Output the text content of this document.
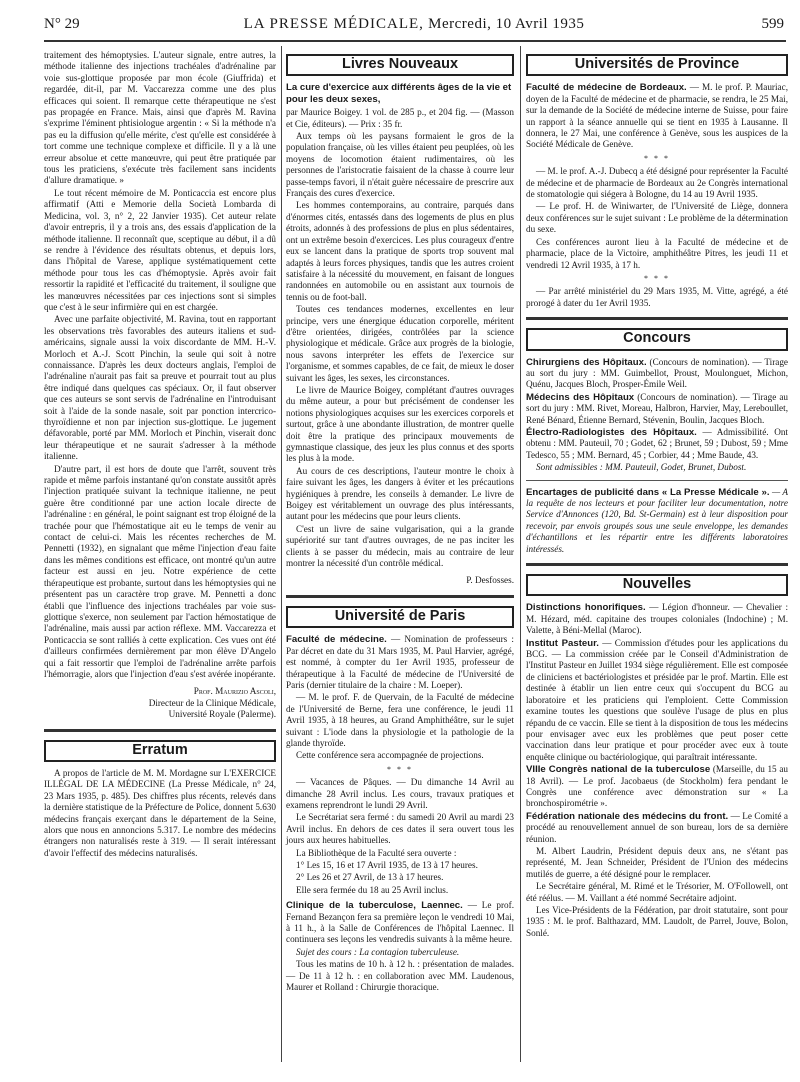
N° 29	LA PRESSE MÉDICALE, Mercredi, 10 Avril 1935	599

traitement des hémoptysies. L'auteur signale, entre autres, la méthode italienne des injections trachéales d'adrénaline par voie sus-glottique proposée par mon école (Giuffrida) et regardée, dit-il, par M. Vaccarezza comme une des plus efficaces qui soient. Il remarque cette thérapeutique ne s'est pas propagée en France. Mais, ainsi que d'après M. Ravina s'exprime l'éminent phtisiologue argentin : « Si la méthode n'a pas eu la diffusion qu'elle mérite, c'est qu'elle est considérée à tort comme une technique complexe et difficile. Il y a là une erreur absolue et cette manœuvre, qui peut être pratiquée par tous les praticiens, s'exécute très facilement sans incidents d'allure dramatique. »

Le tout récent mémoire de M. Ponticaccia est encore plus affirmatif (Atti e Memorie della Società Lombarda di Medicina, vol. 3, n° 2, 22 Janvier 1935). Cet auteur relate d'avoir entrepris, il y a trois ans, des essais d'application de la méthode italienne. Il reconnaît que, sceptique au début, il a dû se rendre à l'évidence des résultats obtenus, et depuis lors, dans l'hôpital de Varese, applique systématiquement cette méthode pour tous les cas d'hémoptysie. Après avoir fait ressortir la rapidité et l'efficacité du traitement, il souligne que les manœuvres nécessitées par ces injections sont si simples que c'est à le seur infirmière qui en est chargée.

Avec une parfaite objectivité, M. Ravina, tout en rapportant les observations très favorables des auteurs italiens et sud-américains, signale aussi la voix discordante de MM. H.-V. Morloch et A.-J. Scott Pinchin, la seule qui soit à notre connaissance. D'après les deux docteurs anglais, l'emploi de l'adrénaline n'aurait pas fait sa preuve et pourrait tout au plus être indiqué dans quelques cas spéciaux. Or, il faut observer que ces auteurs se sont servis de l'adrénaline en l'introduisant soit à l'aide de la sonde nasale, soit par ponction intercrico-thyroïdienne et non par injection sus-glottique. Le jugement défavorable, porté par MM. Morloch et Pinchin, viserait donc leur thérapeutique et ne saurait s'adresser à la méthode italienne.

D'autre part, il est hors de doute que l'arrêt, souvent très rapide et même parfois instantané qu'on constate aussitôt après l'injection pratiquée suivant la technique italienne, ne peut guère être conditionné par une action locale directe de l'adrénaline : en général, le point saignant est trop éloigné de la trachée pour que l'hémostatique ait eu le temps de venir au contact de celui-ci. Mais les récentes recherches de M. Pennetti (1932), en signalant que même l'injection d'eau faite dans les mêmes conditions est efficace, ont montré qu'un autre facteur est aussi en jeu. Notre expérience de cette thérapeutique est probante, surtout dans les hémoptysies qui ne présentent pas un caractère trop grave. M. Pennetti a donc établi que l'influence des injections trachéales par voie sus-glottique s'exerce, non seulement par l'action hémostatique de l'adrénaline, mais aussi par action réflexe. MM. Vaccarezza et Ponticaccia se sont ralliés à cette explication. Ces vues ont été d'ailleurs confirmées dernièrement par mon élève D'Angelo qui a fait ressortir que l'emploi de l'adrénaline arrête parfois l'hémorragie, alors que l'injection d'eau s'est avérée inopérante.

Prof. Maurizio Ascoli,
Directeur de la Clinique Médicale,
Université Royale (Palerme).
Erratum

A propos de l'article de M. M. Mordagne sur L'EXERCICE ILLÉGAL DE LA MÉDECINE (La Presse Médicale, n° 24, 23 Mars 1935, p. 485). Des chiffres plus récents, relevés dans la dernière statistique de la Préfecture de Police, donnent 5.630 médecins français exerçant dans le département de la Seine, alors que nous en annoncions 5.317. Le nombre des médecins étrangers non naturalisés reste à 319. — Il serait intéressant d'avoir l'effectif des médecins naturalisés.

Livres Nouveaux
La cure d'exercice aux différents âges de la vie et pour les deux sexes,

par Maurice Boigey. 1 vol. de 285 p., et 204 fig. — (Masson et Cie, éditeurs). — Prix : 35 fr.

Aux temps où les paysans formaient le gros de la population française, où les villes étaient peu peuplées, où les moyens de locomotion étaient rudimentaires, où les personnes de l'aristocratie faisaient de la chasse à courre leur passe-temps favori, il n'était guère nécessaire de prescrire aux Français des cures d'exercice.

Les hommes contemporains, au contraire, parqués dans d'énormes cités, entassés dans des logements de plus en plus étroits, adonnés à des professions de plus en plus sédentaires, ont un extrême besoin d'exercices. Les plus courageux d'entre eux se lancent dans la pratique de sports trop souvent mal adaptés à leurs forces physiques, tandis que les autres croient satisfaire à la nécessité du mouvement, en faisant de longues randonnées en automobile ou en assistant aux tournois de tennis ou de foot-ball.

Toutes ces tendances modernes, excellentes en leur principe, vers une énergique éducation corporelle, méritent d'être orientées, dirigées, contrôlées par la science physiologique et médicale. Grâce aux progrès de la biologie, nous savons interpréter les effets de l'exercice sur l'organisme, et sommes capables, de ce fait, de mieux le doser suivant les âges, les sexes, les circonstances.

Le livre de Maurice Boigey, complétant d'autres ouvrages du même auteur, a pour but précisément de condenser les notions physiologiques acquises sur les exercices corporels et surtout, grâce à une abondante illustration, de montrer quelle doit être la pratique des principaux mouvements de gymnastique classique, des jeux les plus connus et des sports les plus à la mode.

Au cours de ces descriptions, l'auteur montre le choix à faire suivant les âges, les dangers à éviter et les précautions hygiéniques à prendre, les conseils à demander. Le livre de Boigey est véritablement un ouvrage des plus intéressants, autant pour les médecins que pour leurs clients.

C'est un livre de saine vulgarisation, qui a la grande supériorité sur tant d'autres ouvrages, de ne pas inciter les clients à se passer du médecin, mais au contraire de leur montrer la nécessité d'un contrôle médical.

P. Desfosses.
Université de Paris

Faculté de médecine. — Nomination de professeurs : Par décret en date du 31 Mars 1935, M. Paul Harvier, agrégé, est nommé, à compter du 1er Avril 1935, professeur de thérapeutique à la Faculté de médecine de l'Université de Paris (dernier titulaire de la chaire : M. Loeper).

— M. le prof. F. de Quervain, de la Faculté de médecine de l'Université de Berne, fera une conférence, le jeudi 11 Avril 1935, à 18 heures, au Grand Amphithéâtre, sur le sujet suivant : L'iode dans la physiologie et la pathologie de la glande thyroïde.

Cette conférence sera accompagnée de projections.

* * *

— Vacances de Pâques. — Du dimanche 14 Avril au dimanche 28 Avril inclus. Les cours, travaux pratiques et examens reprendront le lundi 29 Avril.

Le Secrétariat sera fermé : du samedi 20 Avril au mardi 23 Avril inclus. En dehors de ces dates il sera ouvert tous les jours aux heures habituelles.

La Bibliothèque de la Faculté sera ouverte :

1° Les 15, 16 et 17 Avril 1935, de 13 à 17 heures.

2° Les 26 et 27 Avril, de 13 à 17 heures.

Elle sera fermée du 18 au 25 Avril inclus.

Clinique de la tuberculose, Laennec. — Le prof. Fernand Bezançon fera sa première leçon le vendredi 10 Mai, à 11 h., à la Salle de Conférences de l'hôpital Laennec. Il continuera ses leçons les vendredis suivants à la même heure.

Sujet des cours : La contagion tuberculeuse.

Tous les matins de 10 h. à 12 h. : présentation de malades. — De 11 à 12 h. : en collaboration avec MM. Laudenous, Maurer et Rolland : Chirurgie thoracique.

Universités de Province

Faculté de médecine de Bordeaux. — M. le prof. P. Mauriac, doyen de la Faculté de médecine et de pharmacie, se rendra, le 25 Mai, sur la demande de la Société de médecine interne de Suisse, pour faire un rapport à la séance annuelle qui se tient en 1935 à Lausanne. Il donnera, le 27 Mai, une conférence à Genève, sous les auspices de la Société Médicale de Genève.

* * *

— M. le prof. A.-J. Dubecq a été désigné pour représenter la Faculté de médecine et de pharmacie de Bordeaux au 2e Congrès international de stomatologie qui siégera à Bologne, du 14 au 19 Avril 1935.

— Le prof. H. de Winiwarter, de l'Université de Liège, donnera deux conférences sur le sujet suivant : Le problème de la détermination du sexe.

Ces conférences auront lieu à la Faculté de médecine et de pharmacie, place de la Victoire, amphithéâtre Pitres, les jeudi 11 et vendredi 12 Avril 1935, à 17 h.

* * *

— Par arrêté ministériel du 29 Mars 1935, M. Vitte, agrégé, a été prorogé à dater du 1er Avril 1935.

Concours

Chirurgiens des Hôpitaux. (Concours de nomination). — Tirage au sort du jury : MM. Guimbellot, Proust, Moulonguet, Michon, Quénu, Jacques Bloch, Prosper-Émile Weil.

Médecins des Hôpitaux (Concours de nomination). — Tirage au sort du jury : MM. Rivet, Moreau, Halbron, Harvier, May, Lereboullet, René Bénard, Étienne Bernard, Stévenin, Boulin, Jacques Bloch.

Électro-Radiologistes des Hôpitaux. — Admissibilité. Ont obtenu : MM. Pauteuil, 70 ; Godet, 62 ; Brunet, 59 ; Dubost, 59 ; Mme Tedesco, 55 ; MM. Bernard, 45 ; Corbier, 44 ; Mme Baude, 43.

Sont admissibles : MM. Pauteuil, Godet, Brunet, Dubost.

Encartages de publicité dans « La Presse Médicale ». — A la requête de nos lecteurs et pour faciliter leur documentation, notre Service d'Annonces (120, Bd. St-Germain) est à leur disposition pour recevoir, par envois groupés sous une seule enveloppe, les demandes d'échantillons et les répartir entre les différents laboratoires intéressés.

Nouvelles

Distinctions honorifiques. — Légion d'honneur. — Chevalier : M. Hézard, méd. capitaine des troupes coloniales (Indochine) ; M. Valette, à Béni-Mellal (Maroc).

Institut Pasteur. — Commission d'études pour les applications du BCG. — La commission créée par le Conseil d'Administration de l'Institut Pasteur en Juillet 1934 siège régulièrement. Elle est composée de cliniciens et bactériologistes et présidée par le prof. Martin. Elle est destinée à établir un lien entre ceux qui s'occupent du BCG au laboratoire et les praticiens qui l'emploient. Cette Commission examine toutes les questions que soulève l'usage de plus en plus répandu de ce vaccin. Elle se tient à la disposition de tous les médecins pour envisager avec eux les problèmes que peut poser cette vaccination dans leur pratique et pour procéder avec eux à toute enquête clinique ou bactériologique, qui paraîtrait intéressante.

VIIIe Congrès national de la tuberculose (Marseille, du 15 au 18 Avril). — Le prof. Jacobaeus (de Stockholm) fera pendant le Congrès une conférence avec démonstration sur « La bronchospirométrie ».

Fédération nationale des médecins du front. — Le Comité a procédé au renouvellement annuel de son bureau, lors de sa dernière réunion.

M. Albert Laudrin, Président depuis deux ans, ne s'étant pas représenté, M. Jean Schneider, Président de l'Union des médecins mutilés de guerre, a été désigné pour le remplacer.

Le Secrétaire général, M. Rimé et le Trésorier, M. O'Followell, ont été réélus. — M. Vaillant a été nommé Secrétaire adjoint.

Les Vice-Présidents de la Fédération, par droit statutaire, sont pour 1935 : M. le prof. Balthazard, MM. Laudolt, de Parrel, Jouve, Bolon, Sonlé.
